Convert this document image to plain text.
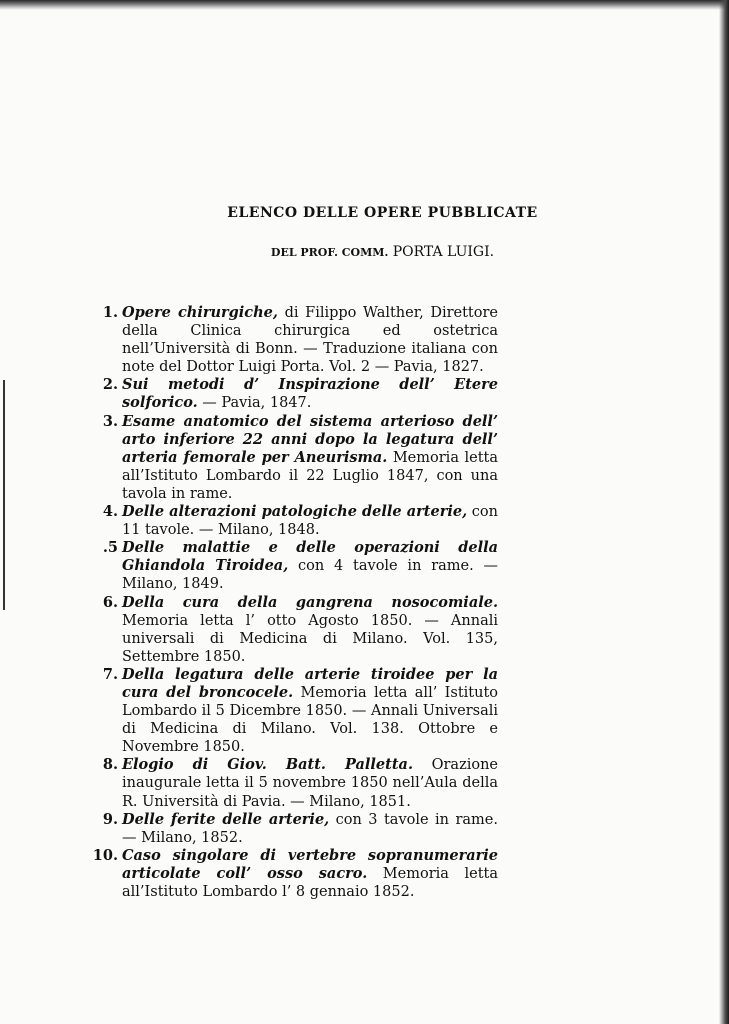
ELENCO DELLE OPERE PUBBLICATE
DEL PROF. COMM. PORTA LUIGI.
1. Opere chirurgiche, di Filippo Walther, Direttore della Clinica chirurgica ed ostetrica nell’Università di Bonn. — Traduzione italiana con note del Dottor Luigi Porta. Vol. 2 — Pavia, 1827.
2. Sui metodi d’ Inspirazione dell’ Etere solforico. — Pavia, 1847.
3. Esame anatomico del sistema arterioso dell’ arto inferiore 22 anni dopo la legatura dell’ arteria femorale per Aneurisma. Memoria letta all’Istituto Lombardo il 22 Luglio 1847, con una tavola in rame.
4. Delle alterazioni patologiche delle arterie, con 11 tavole. — Milano, 1848.
.5 Delle malattie e delle operazioni della Ghiandola Tiroidea, con 4 tavole in rame. — Milano, 1849.
6. Della cura della gangrena nosocomiale. Memoria letta l’ otto Agosto 1850. — Annali universali di Medicina di Milano. Vol. 135, Settembre 1850.
7. Della legatura delle arterie tiroidee per la cura del broncocele. Memoria letta all’ Istituto Lombardo il 5 Dicembre 1850. — Annali Universali di Medicina di Milano. Vol. 138. Ottobre e Novembre 1850.
8. Elogio di Giov. Batt. Palletta. Orazione inaugurale letta il 5 novembre 1850 nell’Aula della R. Università di Pavia. — Milano, 1851.
9. Delle ferite delle arterie, con 3 tavole in rame. — Milano, 1852.
10. Caso singolare di vertebre sopranumerarie articolate coll’ osso sacro. Memoria letta all’Istituto Lombardo l’ 8 gennaio 1852.
